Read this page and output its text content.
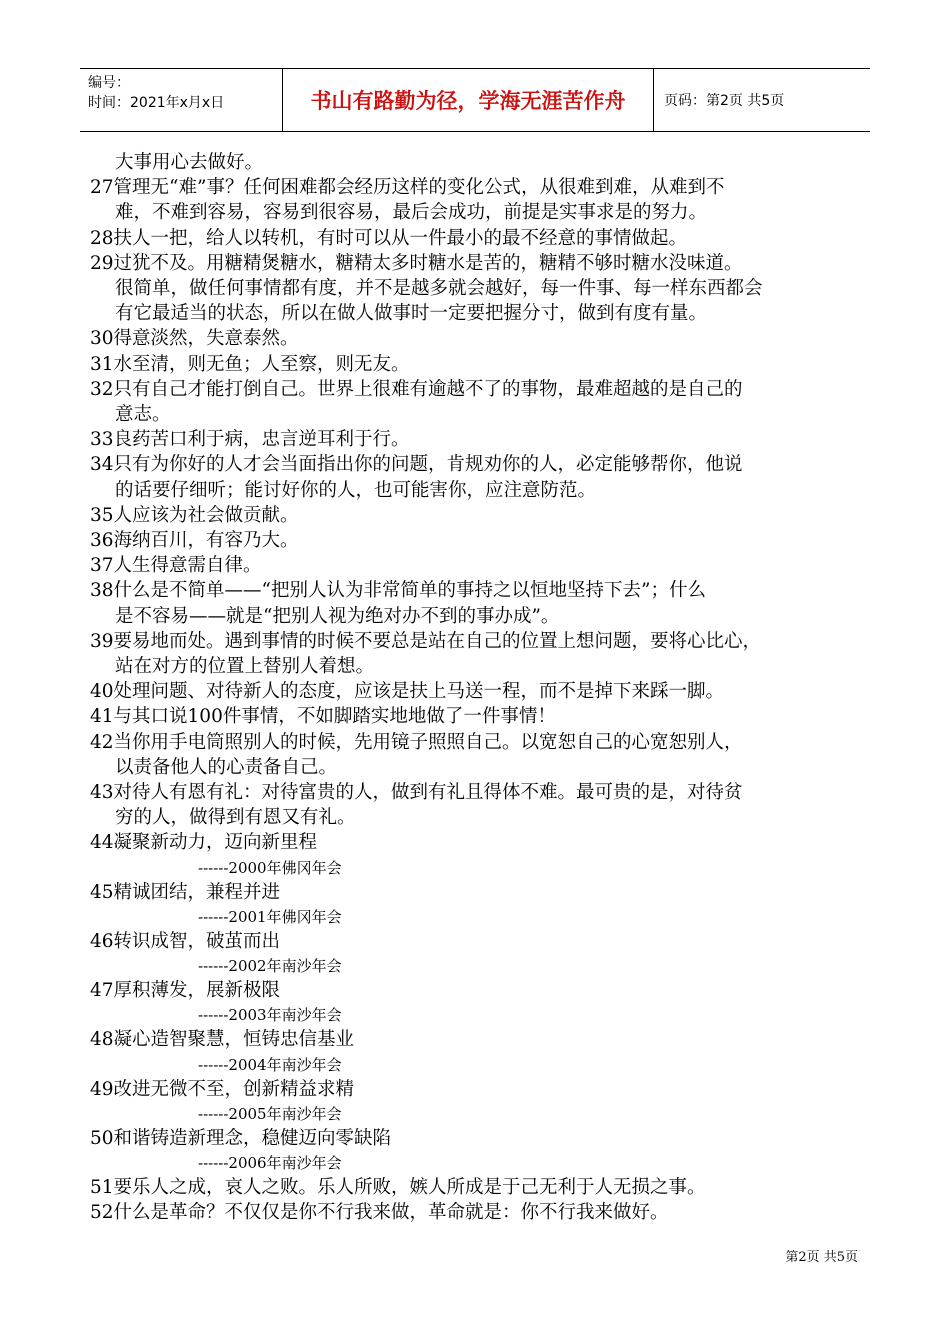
编号：
时间：2021年x月x日	书山有路勤为径，学海无涯苦作舟	页码：第2页 共5页
大事用心去做好。
27管理无“难”事？任何困难都会经历这样的变化公式，从很难到难，从难到不
难，不难到容易，容易到很容易，最后会成功，前提是实事求是的努力。
28扶人一把，给人以转机，有时可以从一件最小的最不经意的事情做起。
29过犹不及。用糖精煲糖水，糖精太多时糖水是苦的，糖精不够时糖水没味道。
很简单，做任何事情都有度，并不是越多就会越好，每一件事、每一样东西都会
有它最适当的状态，所以在做人做事时一定要把握分寸，做到有度有量。
30得意淡然，失意泰然。
31水至清，则无鱼；人至察，则无友。
32只有自己才能打倒自己。世界上很难有逾越不了的事物，最难超越的是自己的
意志。
33良药苦口利于病，忠言逆耳利于行。
34只有为你好的人才会当面指出你的问题，肯规劝你的人，必定能够帮你，他说
的话要仔细听；能讨好你的人，也可能害你，应注意防范。
35人应该为社会做贡献。
36海纳百川，有容乃大。
37人生得意需自律。
38什么是不简单——“把别人认为非常简单的事持之以恒地坚持下去”；什么
是不容易——就是“把别人视为绝对办不到的事办成”。
39要易地而处。遇到事情的时候不要总是站在自己的位置上想问题，要将心比心，
站在对方的位置上替别人着想。
40处理问题、对待新人的态度，应该是扶上马送一程，而不是掉下来踩一脚。
41与其口说100件事情，不如脚踏实地地做了一件事情！
42当你用手电筒照别人的时候，先用镜子照照自己。以宽恕自己的心宽恕别人，
以责备他人的心责备自己。
43对待人有恩有礼：对待富贵的人，做到有礼且得体不难。最可贵的是，对待贫
穷的人，做得到有恩又有礼。
44凝聚新动力，迈向新里程
------2000年佛冈年会
45精诚团结，兼程并进
------2001年佛冈年会
46转识成智，破茧而出
------2002年南沙年会
47厚积薄发，展新极限
------2003年南沙年会
48凝心造智聚慧，恒铸忠信基业
------2004年南沙年会
49改进无微不至，创新精益求精
------2005年南沙年会
50和谐铸造新理念，稳健迈向零缺陷
------2006年南沙年会
51要乐人之成，哀人之败。乐人所败，嫉人所成是于己无利于人无损之事。
52什么是革命？不仅仅是你不行我来做，革命就是：你不行我来做好。
第2页 共5页
